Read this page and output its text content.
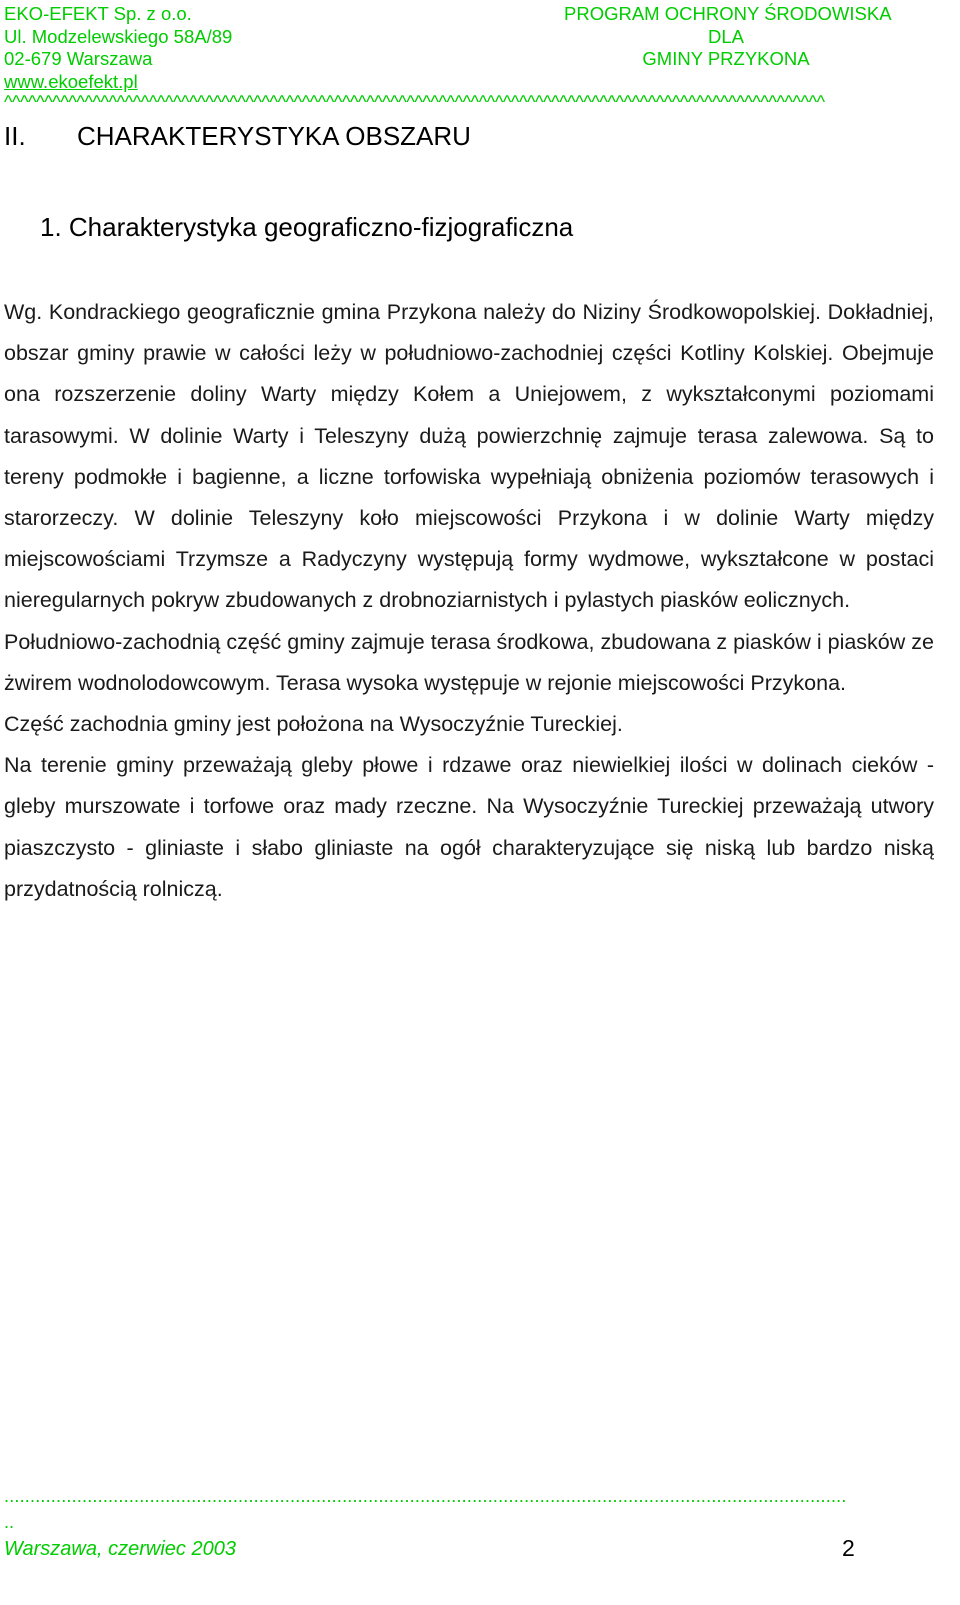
EKO-EFEKT Sp. z o.o.
Ul. Modzelewskiego 58A/89
02-679 Warszawa
www.ekoefekt.pl
PROGRAM OCHRONY ŚRODOWISKA
DLA
GMINY PRZYKONA
^^^^^^^^^^^^^^^^^^^^^^^^^^^^^^^^^^^^^^^^^^^^^^^^^^^^^^^^^^^^^^^^^^^^^^^^^^^^^^^^^^^^^^^^^^^^^^^^^^^^^^
II. CHARAKTERYSTYKA OBSZARU
1. Charakterystyka geograficzno-fizjograficzna

Wg. Kondrackiego geograficznie gmina Przykona należy do Niziny Środkowopolskiej. Dokładniej, obszar gminy prawie w całości leży w południowo-zachodniej części Kotliny Kolskiej. Obejmuje ona rozszerzenie doliny Warty między Kołem a Uniejowem, z wykształconymi poziomami tarasowymi. W dolinie Warty i Teleszyny dużą powierzchnię zajmuje terasa zalewowa. Są to tereny podmokłe i bagienne, a liczne torfowiska wypełniają obniżenia poziomów terasowych i starorzeczy. W dolinie Teleszyny koło miejscowości Przykona i w dolinie Warty między miejscowościami Trzymsze a Radyczyny występują formy wydmowe, wykształcone w postaci nieregularnych pokryw zbudowanych z drobnoziarnistych i pylastych piasków eolicznych.

Południowo-zachodnią część gminy zajmuje terasa środkowa, zbudowana z piasków i piasków ze żwirem wodnolodowcowym. Terasa wysoka występuje w rejonie miejscowości Przykona.

Część zachodnia gminy jest położona na Wysoczyźnie Tureckiej.

Na terenie gminy przeważają gleby płowe i rdzawe oraz niewielkiej ilości w dolinach cieków - gleby murszowate i torfowe oraz mady rzeczne. Na Wysoczyźnie Tureckiej przeważają utwory piaszczysto - gliniaste i słabo gliniaste na ogół charakteryzujące się niską lub bardzo niską przydatnością rolniczą.

..................................................................................................................................................................
..
Warszawa, czerwiec 2003	2
